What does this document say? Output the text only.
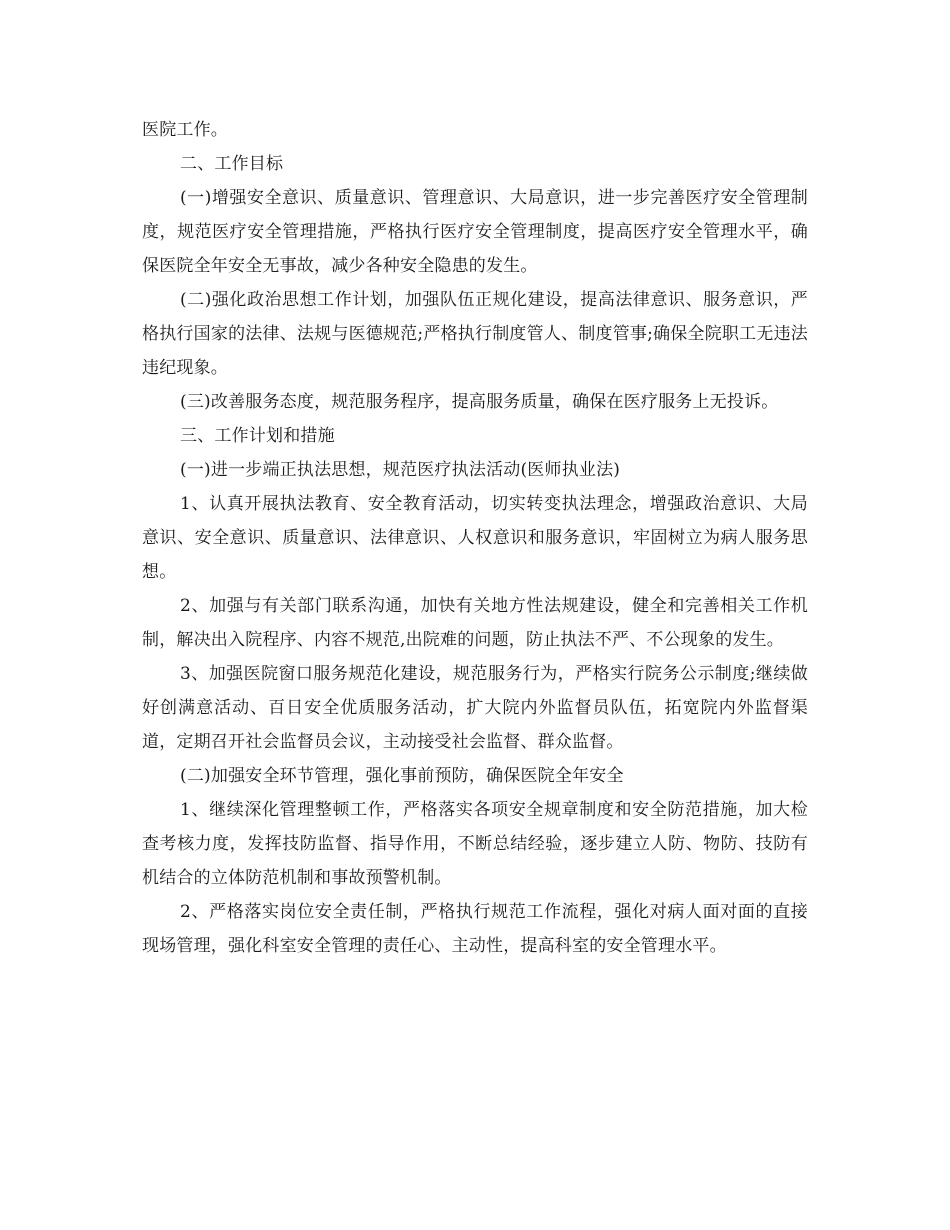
医院工作。

二、工作目标

(一)增强安全意识、质量意识、管理意识、大局意识，进一步完善医疗安全管理制度，规范医疗安全管理措施，严格执行医疗安全管理制度，提高医疗安全管理水平，确保医院全年安全无事故，减少各种安全隐患的发生。

(二)强化政治思想工作计划，加强队伍正规化建设，提高法律意识、服务意识，严格执行国家的法律、法规与医德规范;严格执行制度管人、制度管事;确保全院职工无违法违纪现象。

(三)改善服务态度，规范服务程序，提高服务质量，确保在医疗服务上无投诉。

三、工作计划和措施

(一)进一步端正执法思想，规范医疗执法活动(医师执业法)

1、认真开展执法教育、安全教育活动，切实转变执法理念，增强政治意识、大局意识、安全意识、质量意识、法律意识、人权意识和服务意识，牢固树立为病人服务思想。

2、加强与有关部门联系沟通，加快有关地方性法规建设，健全和完善相关工作机制，解决出入院程序、内容不规范,出院难的问题，防止执法不严、不公现象的发生。

3、加强医院窗口服务规范化建设，规范服务行为，严格实行院务公示制度;继续做好创满意活动、百日安全优质服务活动，扩大院内外监督员队伍，拓宽院内外监督渠道，定期召开社会监督员会议，主动接受社会监督、群众监督。

(二)加强安全环节管理，强化事前预防，确保医院全年安全

1、继续深化管理整顿工作，严格落实各项安全规章制度和安全防范措施，加大检查考核力度，发挥技防监督、指导作用，不断总结经验，逐步建立人防、物防、技防有机结合的立体防范机制和事故预警机制。

2、严格落实岗位安全责任制，严格执行规范工作流程，强化对病人面对面的直接现场管理，强化科室安全管理的责任心、主动性，提高科室的安全管理水平。
